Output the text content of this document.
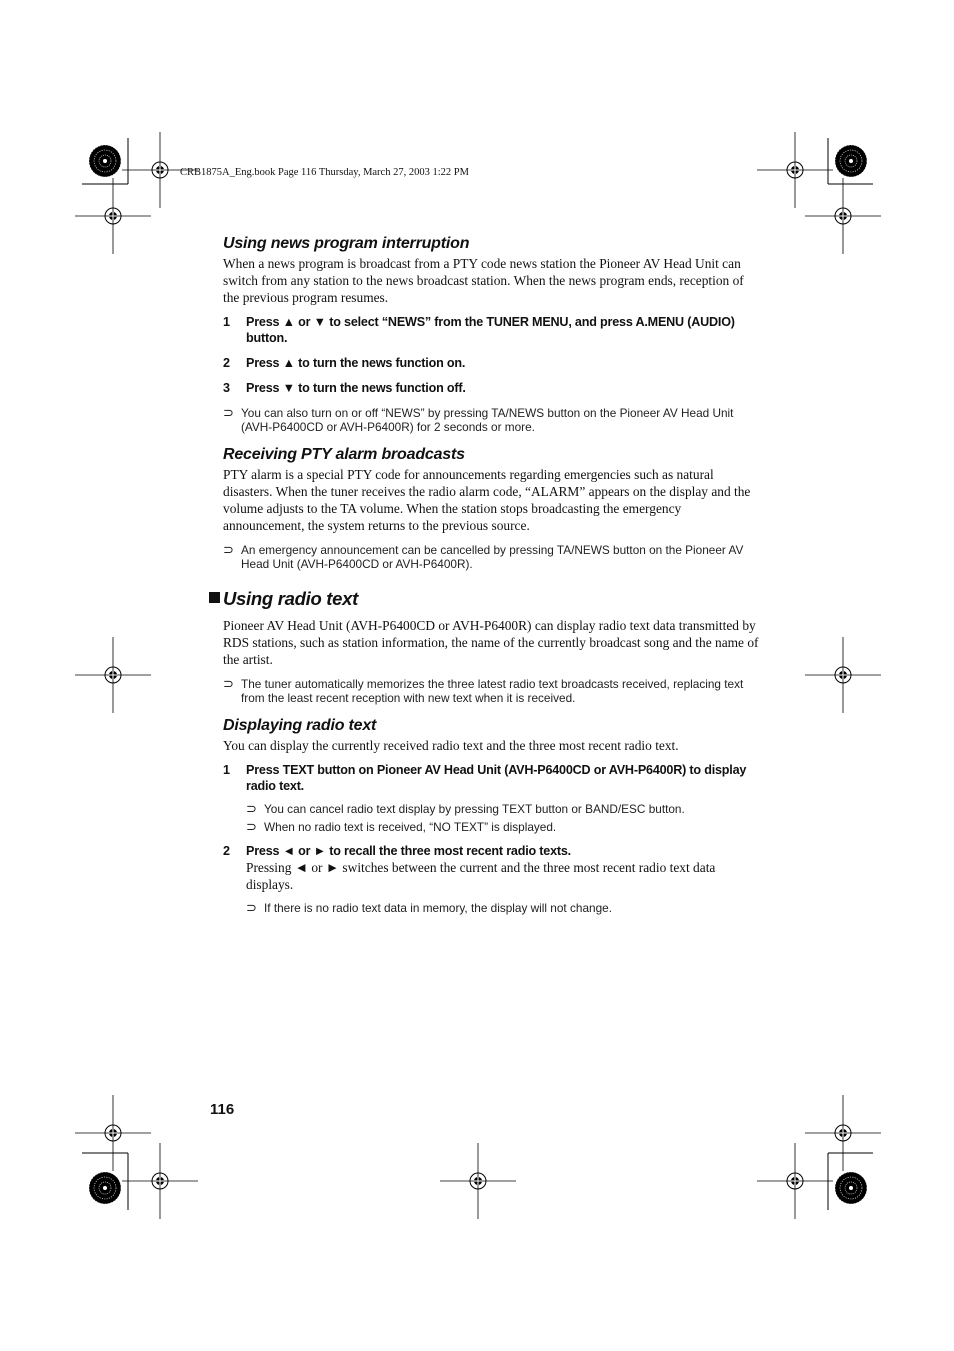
CRB1875A_Eng.book Page 116 Thursday, March 27, 2003 1:22 PM
Using news program interruption

When a news program is broadcast from a PTY code news station the Pioneer AV Head Unit can switch from any station to the news broadcast station. When the news program ends, reception of the previous program resumes.

1	Press ▲ or ▼ to select “NEWS” from the TUNER MENU, and press A.MENU (AUDIO) button.
2	Press ▲ to turn the news function on.
3	Press ▼ to turn the news function off.
⊃ You can also turn on or off “NEWS” by pressing TA/NEWS button on the Pioneer AV Head Unit (AVH-P6400CD or AVH-P6400R) for 2 seconds or more.
Receiving PTY alarm broadcasts

PTY alarm is a special PTY code for announcements regarding emergencies such as natural disasters. When the tuner receives the radio alarm code, “ALARM” appears on the display and the volume adjusts to the TA volume. When the station stops broadcasting the emergency announcement, the system returns to the previous source.

⊃ An emergency announcement can be cancelled by pressing TA/NEWS button on the Pioneer AV Head Unit (AVH-P6400CD or AVH-P6400R).
Using radio text

Pioneer AV Head Unit (AVH-P6400CD or AVH-P6400R) can display radio text data transmitted by RDS stations, such as station information, the name of the currently broadcast song and the name of the artist.

⊃ The tuner automatically memorizes the three latest radio text broadcasts received, replacing text from the least recent reception with new text when it is received.
Displaying radio text

You can display the currently received radio text and the three most recent radio text.

1	Press TEXT button on Pioneer AV Head Unit (AVH-P6400CD or AVH-P6400R) to display radio text.
⊃ You can cancel radio text display by pressing TEXT button or BAND/ESC button.
⊃ When no radio text is received, “NO TEXT” is displayed.
2	Press ◄ or ► to recall the three most recent radio texts.
Pressing ◄ or ► switches between the current and the three most recent radio text data displays.
⊃ If there is no radio text data in memory, the display will not change.
116
